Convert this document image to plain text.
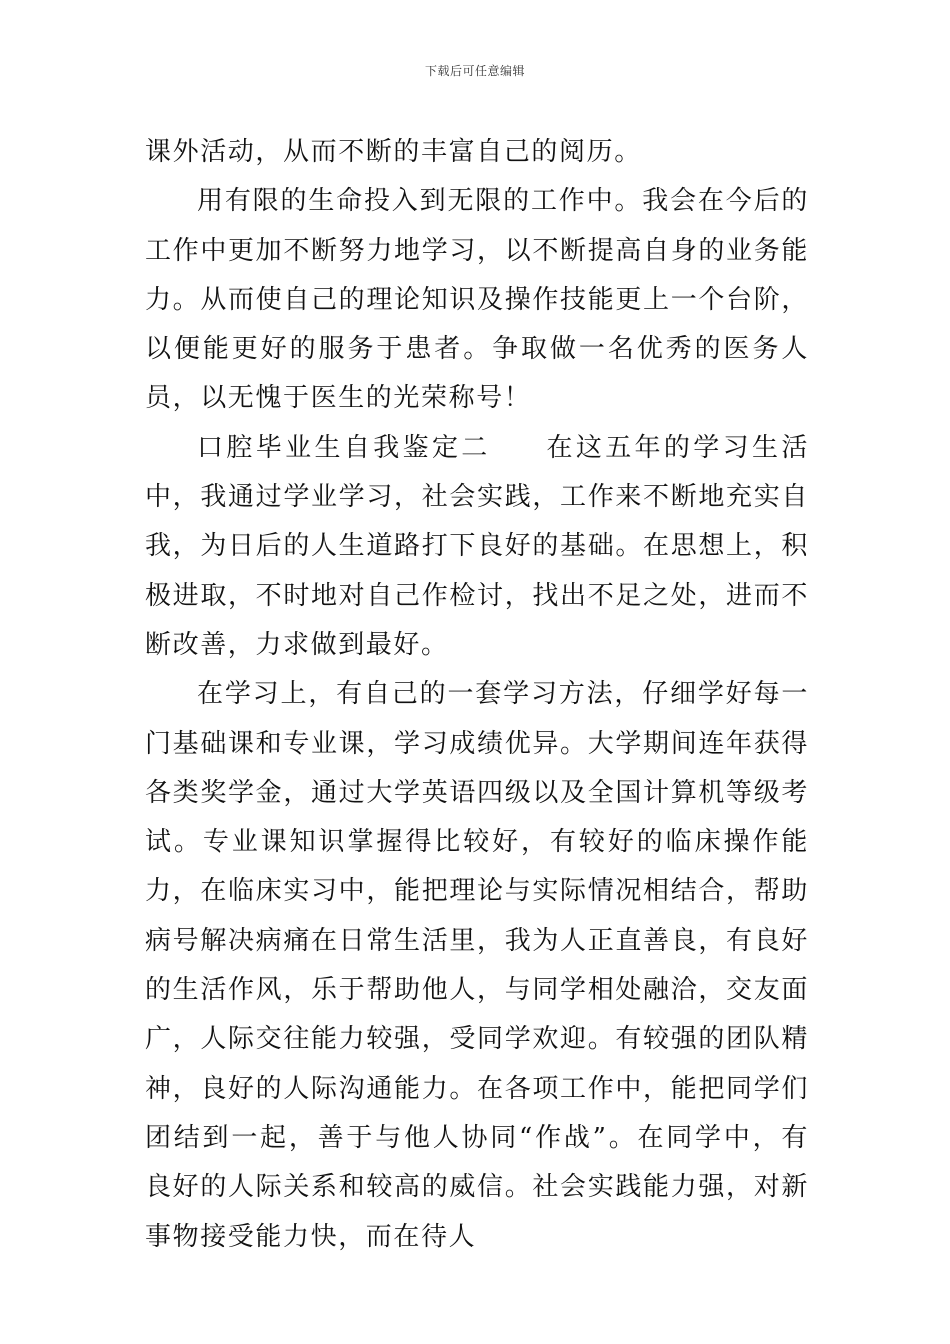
下载后可任意编辑

课外活动，从而不断的丰富自己的阅历。

用有限的生命投入到无限的工作中。我会在今后的工作中更加不断努力地学习，以不断提高自身的业务能力。从而使自己的理论知识及操作技能更上一个台阶，以便能更好的服务于患者。争取做一名优秀的医务人员，以无愧于医生的光荣称号！

口腔毕业生自我鉴定二 在这五年的学习生活中，我通过学业学习，社会实践，工作来不断地充实自我，为日后的人生道路打下良好的基础。在思想上，积极进取，不时地对自己作检讨，找出不足之处，进而不断改善，力求做到最好。

在学习上，有自己的一套学习方法，仔细学好每一门基础课和专业课，学习成绩优异。大学期间连年获得各类奖学金，通过大学英语四级以及全国计算机等级考试。专业课知识掌握得比较好，有较好的临床操作能力，在临床实习中，能把理论与实际情况相结合，帮助病号解决病痛在日常生活里，我为人正直善良，有良好的生活作风，乐于帮助他人，与同学相处融洽，交友面广，人际交往能力较强，受同学欢迎。有较强的团队精神，良好的人际沟通能力。在各项工作中，能把同学们团结到一起，善于与他人协同“作战”。在同学中，有良好的人际关系和较高的威信。社会实践能力强，对新事物接受能力快，而在待人
